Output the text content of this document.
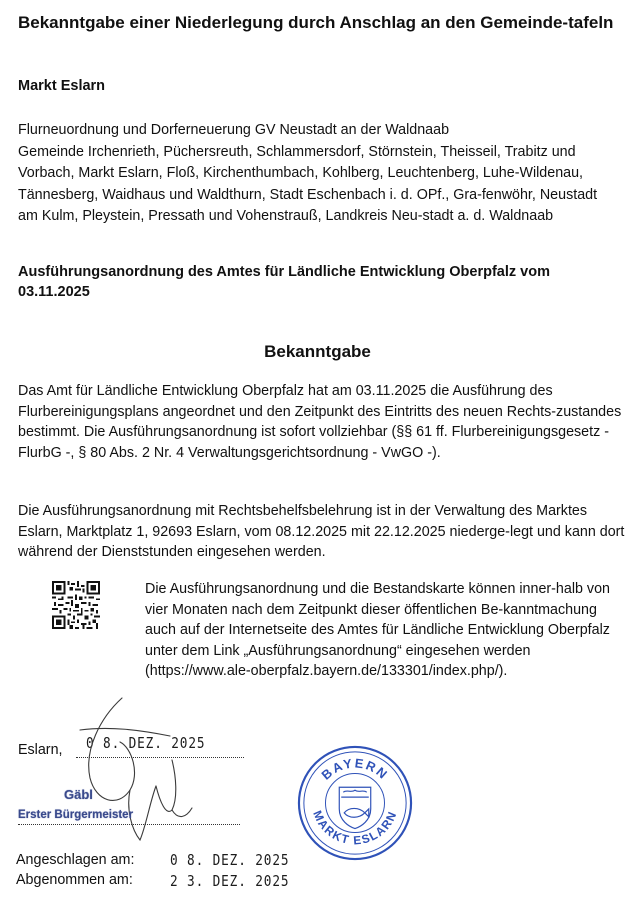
Bekanntgabe einer Niederlegung durch Anschlag an den Gemeinde-tafeln

Markt Eslarn

Flurneuordnung und Dorferneuerung GV Neustadt an der Waldnaab
Gemeinde Irchenrieth, Püchersreuth, Schlammersdorf, Störnstein, Theisseil, Trabitz und Vorbach, Markt Eslarn, Floß, Kirchenthumbach, Kohlberg, Leuchtenberg, Luhe-Wildenau, Tännesberg, Waidhaus und Waldthurn, Stadt Eschenbach i. d. OPf., Gra-fenwöhr, Neustadt am Kulm, Pleystein, Pressath und Vohenstrauß, Landkreis Neu-stadt a. d. Waldnaab

Ausführungsanordnung des Amtes für Ländliche Entwicklung Oberpfalz vom 03.11.2025

Bekanntgabe

Das Amt für Ländliche Entwicklung Oberpfalz hat am 03.11.2025 die Ausführung des Flurbereinigungsplans angeordnet und den Zeitpunkt des Eintritts des neuen Rechts-zustandes bestimmt. Die Ausführungsanordnung ist sofort vollziehbar (§§ 61 ff. Flurbereinigungsgesetz - FlurbG -, § 80 Abs. 2 Nr. 4 Verwaltungsgerichtsordnung - VwGO -).

Die Ausführungsanordnung mit Rechtsbehelfsbelehrung ist in der Verwaltung des Marktes Eslarn, Marktplatz 1, 92693 Eslarn, vom 08.12.2025 mit 22.12.2025 niederge-legt und kann dort während der Dienststunden eingesehen werden.

Die Ausführungsanordnung und die Bestandskarte können inner-halb von vier Monaten nach dem Zeitpunkt dieser öffentlichen Be-kanntmachung auch auf der Internetseite des Amtes für Ländliche Entwicklung Oberpfalz unter dem Link „Ausführungsanordnung“ eingesehen werden
(https://www.ale-oberpfalz.bayern.de/133301/index.php/).
Eslarn, 0 8. DEZ. 2025
Gäbl
Erster Bürgermeister
BAYERN
MARKT ESLARN
Angeschlagen am: 0 8. DEZ. 2025
Abgenommen am: 2 3. DEZ. 2025
